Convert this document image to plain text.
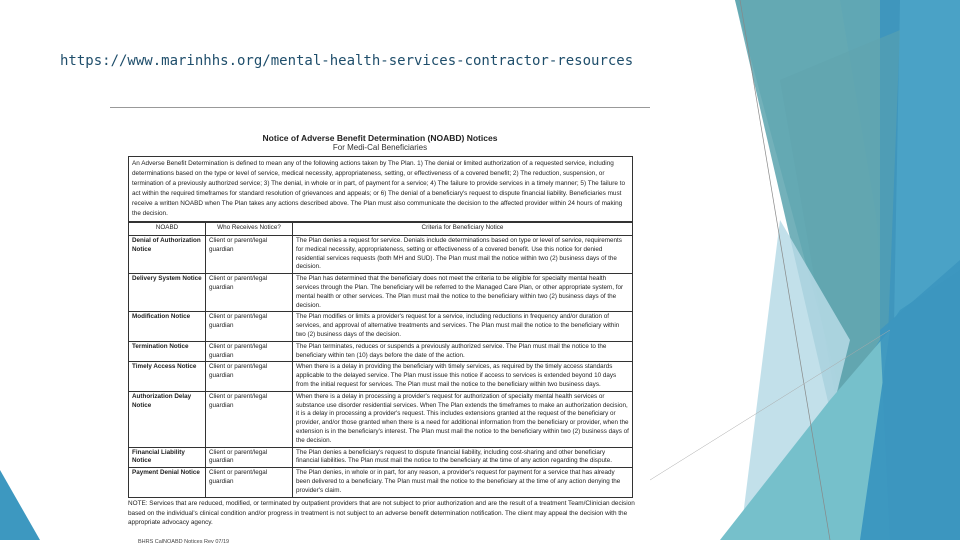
https://www.marinhhs.org/mental-health-services-contractor-resources
Notice of Adverse Benefit Determination (NOABD) Notices
For Medi-Cal Beneficiaries
An Adverse Benefit Determination is defined to mean any of the following actions taken by The Plan. 1) The denial or limited authorization of a requested service, including determinations based on the type or level of service, medical necessity, appropriateness, setting, or effectiveness of a covered benefit; 2) The reduction, suspension, or termination of a previously authorized service; 3) The denial, in whole or in part, of payment for a service; 4) The failure to provide services in a timely manner; 5) The failure to act within the required timeframes for standard resolution of grievances and appeals; or 6) The denial of a beneficiary's request to dispute financial liability. Beneficiaries must receive a written NOABD when The Plan takes any actions described above. The Plan must also communicate the decision to the affected provider within 24 hours of making the decision.
NOABD	Who Receives Notice?	Criteria for Beneficiary Notice
Denial of Authorization Notice	Client or parent/legal guardian	The Plan denies a request for service. Denials include determinations based on type or level of service, requirements for medical necessity, appropriateness, setting or effectiveness of a covered benefit. Use this notice for denied residential services requests (both MH and SUD). The Plan must mail the notice within two (2) business days of the decision.
Delivery System Notice	Client or parent/legal guardian	The Plan has determined that the beneficiary does not meet the criteria to be eligible for specialty mental health services through the Plan. The beneficiary will be referred to the Managed Care Plan, or other appropriate system, for mental health or other services. The Plan must mail the notice to the beneficiary within two (2) business days of the decision.
Modification Notice	Client or parent/legal guardian	The Plan modifies or limits a provider's request for a service, including reductions in frequency and/or duration of services, and approval of alternative treatments and services. The Plan must mail the notice to the beneficiary within two (2) business days of the decision.
Termination Notice	Client or parent/legal guardian	The Plan terminates, reduces or suspends a previously authorized service. The Plan must mail the notice to the beneficiary within ten (10) days before the date of the action.
Timely Access Notice	Client or parent/legal guardian	When there is a delay in providing the beneficiary with timely services, as required by the timely access standards applicable to the delayed service. The Plan must issue this notice if access to services is extended beyond 10 days from the initial request for services. The Plan must mail the notice to the beneficiary within two business days.
Authorization Delay Notice	Client or parent/legal guardian	When there is a delay in processing a provider's request for authorization of specialty mental health services or substance use disorder residential services. When The Plan extends the timeframes to make an authorization decision, it is a delay in processing a provider's request. This includes extensions granted at the request of the beneficiary or provider, and/or those granted when there is a need for additional information from the beneficiary or provider, when the extension is in the beneficiary's interest. The Plan must mail the notice to the beneficiary within two (2) business days of the decision.
Financial Liability Notice	Client or parent/legal guardian	The Plan denies a beneficiary's request to dispute financial liability, including cost-sharing and other beneficiary financial liabilities. The Plan must mail the notice to the beneficiary at the time of any action regarding the dispute.
Payment Denial Notice	Client or parent/legal guardian	The Plan denies, in whole or in part, for any reason, a provider's request for payment for a service that has already been delivered to a beneficiary. The Plan must mail the notice to the beneficiary at the time of any action denying the provider's claim.
NOTE: Services that are reduced, modified, or terminated by outpatient providers that are not subject to prior authorization and are the result of a treatment Team/Clinician decision based on the individual's clinical condition and/or progress in treatment is not subject to an adverse benefit determination notification. The client may appeal the decision with the appropriate advocacy agency.
BHRS CalNOABD Notices Rev 07/19
